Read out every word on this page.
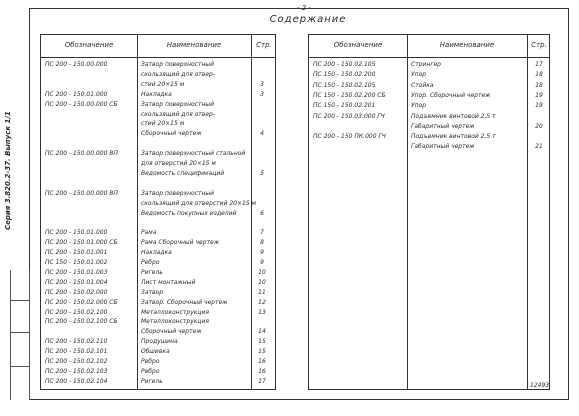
- 2 -
Содержание
Серия 3.820.2-37. Выпуск 1/1
Обозначение	Наименование	Стр.
ПС 200 - 150.00.000	Затвор поверхностный
скользящий для отвер-
стий 20×15 м	3
ПС 200 - 150.01.000	Накладка	3
ПС 200 - 150.00.000 СБ	Затвор поверхностный
скользящий для отвер-
стий 20×15 м
Сборочный чертеж	4
ПС 200 - 150.00.000 ВП	Затвор поверхностный стальной
для отверстий 20×15 м
Ведомость спецификаций	5
ПС 200 - 150.00.000 ВП	Затвор поверхностный
скользящий для отверстий 20×15 м
Ведомость покупных изделий	6
ПС 200 - 150.01.000	Рама	7
ПС 200 - 150.01.000 СБ	Рама Сборочный чертеж	8
ПС 200 - 150.01.001	Накладка	9
ПС 150 - 150.01.002	Ребро	9
ПС 200 - 150.01.003	Ригель	10
ПС 200 - 150.01.004	Лист монтажный	10
ПС 200 - 150.02.000	Затвор	11
ПС 200 - 150.02.000 СБ	Затвор. Сборочный чертеж	12
ПС 200 - 150.02.100	Металлоконструкция	13
ПС 200 - 150.02.100 СБ	Металлоконструкция
Сборочный чертеж	14
ПС 200 - 150.02.110	Продушина	15
ПС 200 - 150.02.101	Обшивка	15
ПС 200 - 150.02.102	Ребро	16
ПС 200 - 150.02.103	Ребро	16
ПС 200 - 150.02.104	Ригель	17
Обозначение	Наименование	Стр.
ПС 200 - 150.02.105	Стрингер	17
ПС 150 - 150.02.200	Упор	18
ПС 150 - 150.02.105	Стойка	18
ПС 150 - 150.02.200 СБ	Упор. Сборочный чертеж	19
ПС 150 - 150.02.201	Упор	19
ПС 200 - 150.03.000 ГЧ	Подъемник винтовой 2,5 т
Габаритный чертеж	20
ПС 200 - 150 ПК.000 ГЧ	Подъемник винтовой 2,5 т
Габаритный чертеж	21
12493
